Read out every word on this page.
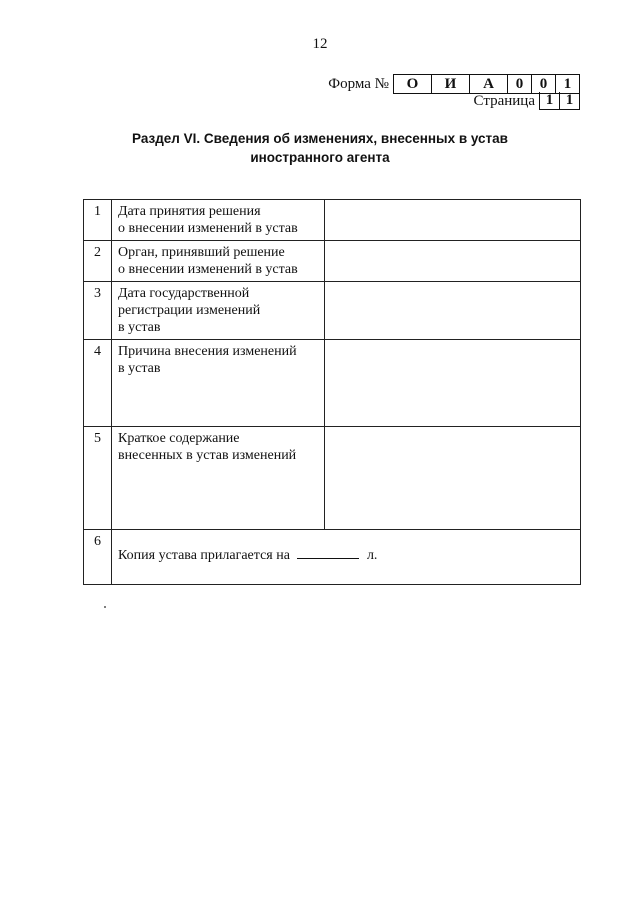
12
Форма №	О	И	А	0	0	1
Страница 1 1
Раздел VI. Сведения об изменениях, внесенных в устав
иностранного агента
1	Дата принятия решения
о внесении изменений в устав	

2	Орган, принявший решение
о внесении изменений в устав	

3	Дата государственной
регистрации изменений
в устав	

4	Причина внесения изменений
в устав	

5	Краткое содержание
внесенных в устав изменений	

6	Копия устава прилагается на л.	
